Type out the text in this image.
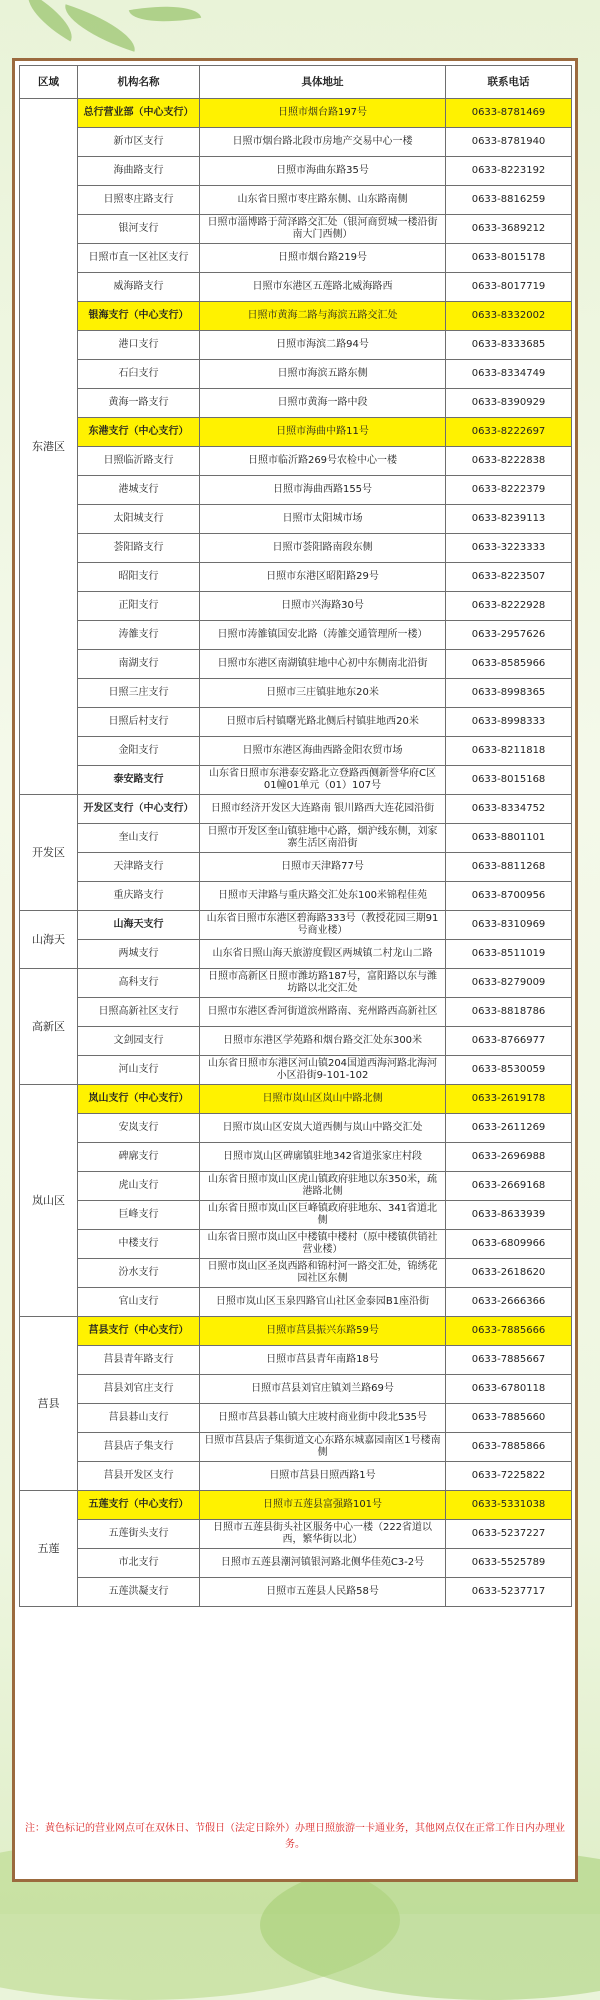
区域	机构名称	具体地址	联系电话
东港区	总行营业部（中心支行）	日照市烟台路197号	0633-8781469
	新市区支行	日照市烟台路北段市房地产交易中心一楼	0633-8781940
	海曲路支行	日照市海曲东路35号	0633-8223192
	日照枣庄路支行	山东省日照市枣庄路东侧、山东路南侧	0633-8816259
	银河支行	日照市淄博路于菏泽路交汇处（银河商贸城一楼沿街南大门西侧）	0633-3689212
	日照市直一区社区支行	日照市烟台路219号	0633-8015178
	威海路支行	日照市东港区五莲路北威海路西	0633-8017719
	银海支行（中心支行）	日照市黄海二路与海滨五路交汇处	0633-8332002
	港口支行	日照市海滨二路94号	0633-8333685
	石臼支行	日照市海滨五路东侧	0633-8334749
	黄海一路支行	日照市黄海一路中段	0633-8390929
	东港支行（中心支行）	日照市海曲中路11号	0633-8222697
	日照临沂路支行	日照市临沂路269号农检中心一楼	0633-8222838
	港城支行	日照市海曲西路155号	0633-8222379
	太阳城支行	日照市太阳城市场	0633-8239113
	荟阳路支行	日照市荟阳路南段东侧	0633-3223333
	昭阳支行	日照市东港区昭阳路29号	0633-8223507
	正阳支行	日照市兴海路30号	0633-8222928
	涛雒支行	日照市涛雒镇国安北路（涛雒交通管理所一楼）	0633-2957626
	南湖支行	日照市东港区南湖镇驻地中心初中东侧南北沿街	0633-8585966
	日照三庄支行	日照市三庄镇驻地东20米	0633-8998365
	日照后村支行	日照市后村镇曙光路北侧后村镇驻地西20米	0633-8998333
	金阳支行	日照市东港区海曲西路金阳农贸市场	0633-8211818
	泰安路支行	山东省日照市东港泰安路北立登路西侧新誉华府C区01幢01单元（01）107号	0633-8015168
开发区	开发区支行（中心支行）	日照市经济开发区大连路南 银川路西大连花园沿街	0633-8334752
	奎山支行	日照市开发区奎山镇驻地中心路，烟沪线东侧，刘家寨生活区南沿街	0633-8801101
	天津路支行	日照市天津路77号	0633-8811268
	重庆路支行	日照市天津路与重庆路交汇处东100米锦程佳苑	0633-8700956
山海天	山海天支行	山东省日照市东港区碧海路333号（教授花园三期91号商业楼）	0633-8310969
	两城支行	山东省日照山海天旅游度假区两城镇二村龙山二路	0633-8511019
高新区	高科支行	日照市高新区日照市潍坊路187号，富阳路以东与潍坊路以北交汇处	0633-8279009
	日照高新社区支行	日照市东港区香河街道滨州路南、兖州路西高新社区	0633-8818786
	文剑园支行	日照市东港区学苑路和烟台路交汇处东300米	0633-8766977
	河山支行	山东省日照市东港区河山镇204国道西海河路北海河小区沿街9-101-102	0633-8530059
岚山区	岚山支行（中心支行）	日照市岚山区岚山中路北侧	0633-2619178
	安岚支行	日照市岚山区安岚大道西侧与岚山中路交汇处	0633-2611269
	碑廓支行	日照市岚山区碑廓镇驻地342省道张家庄村段	0633-2696988
	虎山支行	山东省日照市岚山区虎山镇政府驻地以东350米，疏港路北侧	0633-2669168
	巨峰支行	山东省日照市岚山区巨峰镇政府驻地东、341省道北侧	0633-8633939
	中楼支行	山东省日照市岚山区中楼镇中楼村（原中楼镇供销社营业楼）	0633-6809966
	汾水支行	日照市岚山区圣岚西路和锦村河一路交汇处，锦绣花园社区东侧	0633-2618620
	官山支行	日照市岚山区玉泉四路官山社区金泰园B1座沿街	0633-2666366
莒县	莒县支行（中心支行）	日照市莒县振兴东路59号	0633-7885666
	莒县青年路支行	日照市莒县青年南路18号	0633-7885667
	莒县刘官庄支行	日照市莒县刘官庄镇刘兰路69号	0633-6780118
	莒县碁山支行	日照市莒县碁山镇大庄坡村商业街中段北535号	0633-7885660
	莒县店子集支行	日照市莒县店子集街道文心东路东城嘉园南区1号楼南侧	0633-7885866
	莒县开发区支行	日照市莒县日照西路1号	0633-7225822
五莲	五莲支行（中心支行）	日照市五莲县富强路101号	0633-5331038
	五莲街头支行	日照市五莲县街头社区服务中心一楼（222省道以西，繁华街以北）	0633-5237227
	市北支行	日照市五莲县潮河镇银河路北侧华佳苑C3-2号	0633-5525789
	五莲洪凝支行	日照市五莲县人民路58号	0633-5237717
注：黄色标记的营业网点可在双休日、节假日（法定日除外）办理日照旅游一卡通业务，其他网点仅在正常工作日内办理业务。
